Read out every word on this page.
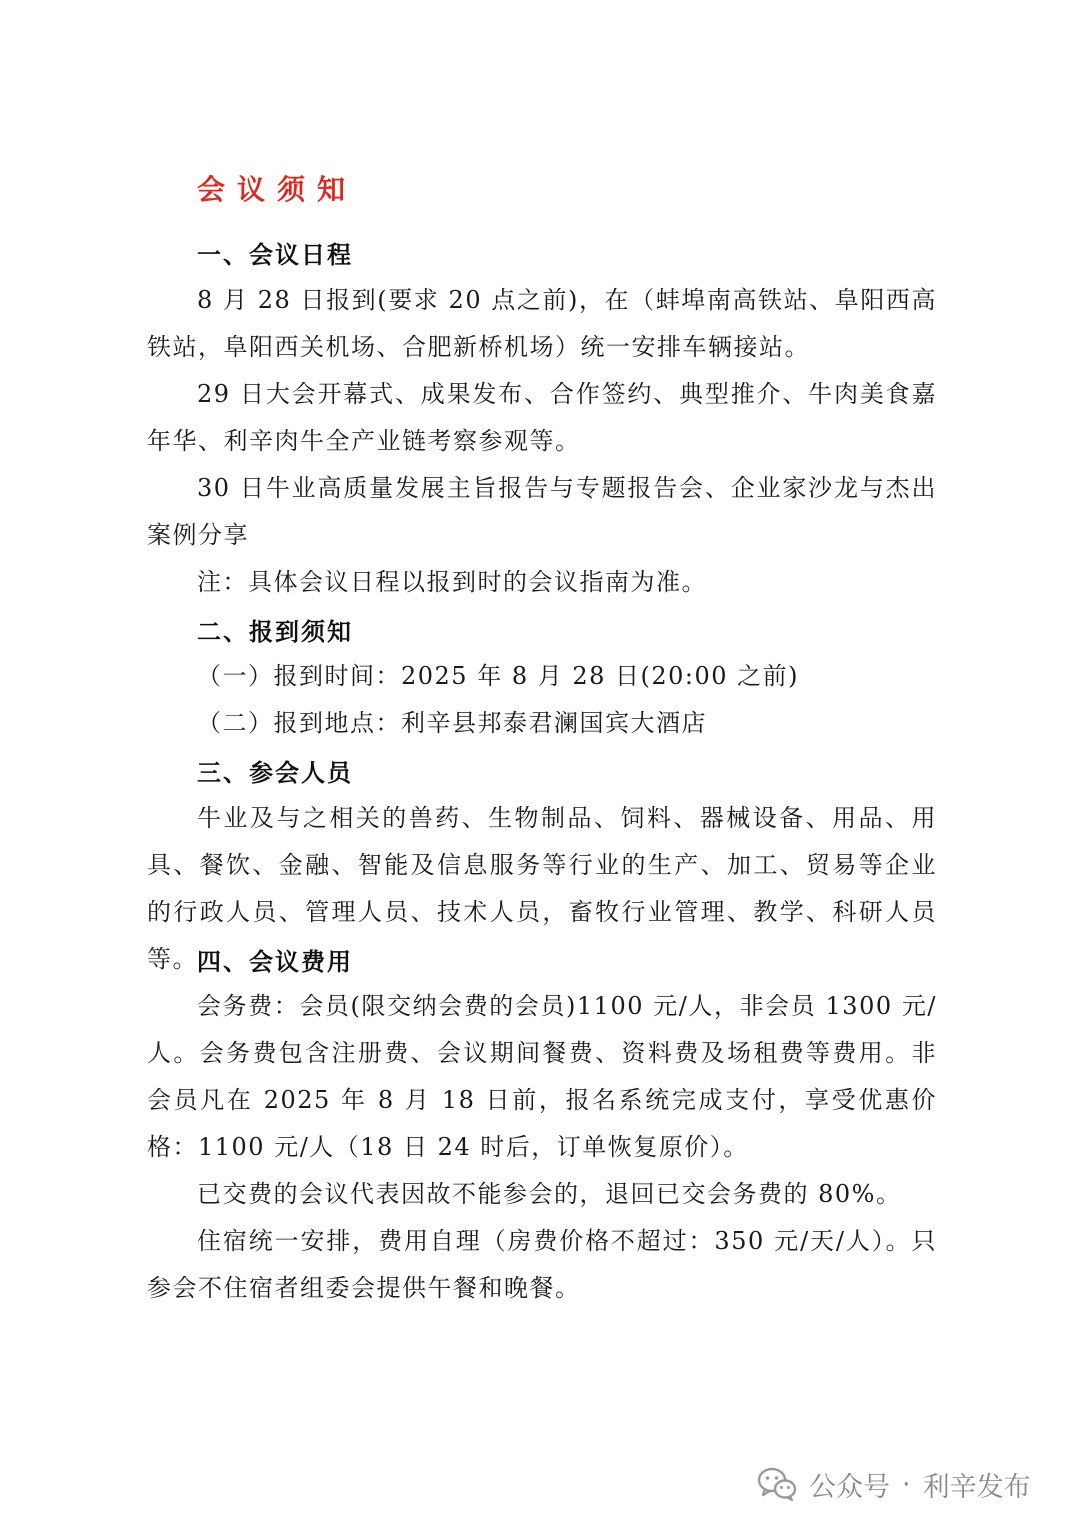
会议须知
一、会议日程
8 月 28 日报到(要求 20 点之前)，在（蚌埠南高铁站、阜阳西高铁站，阜阳西关机场、合肥新桥机场）统一安排车辆接站。
29 日大会开幕式、成果发布、合作签约、典型推介、牛肉美食嘉年华、利辛肉牛全产业链考察参观等。
30 日牛业高质量发展主旨报告与专题报告会、企业家沙龙与杰出案例分享
注：具体会议日程以报到时的会议指南为准。
二、报到须知
（一）报到时间：2025 年 8 月 28 日(20:00 之前)
（二）报到地点：利辛县邦泰君澜国宾大酒店
三、参会人员
牛业及与之相关的兽药、生物制品、饲料、器械设备、用品、用具、餐饮、金融、智能及信息服务等行业的生产、加工、贸易等企业的行政人员、管理人员、技术人员，畜牧行业管理、教学、科研人员等。 四、会议费用
会务费：会员(限交纳会费的会员)1100 元/人，非会员 1300 元/人。会务费包含注册费、会议期间餐费、资料费及场租费等费用。非会员凡在 2025 年 8 月 18 日前，报名系统完成支付，享受优惠价格：1100 元/人（18 日 24 时后，订单恢复原价）。
已交费的会议代表因故不能参会的，退回已交会务费的 80%。
住宿统一安排，费用自理（房费价格不超过：350 元/天/人）。只参会不住宿者组委会提供午餐和晚餐。
公众号 · 利辛发布
